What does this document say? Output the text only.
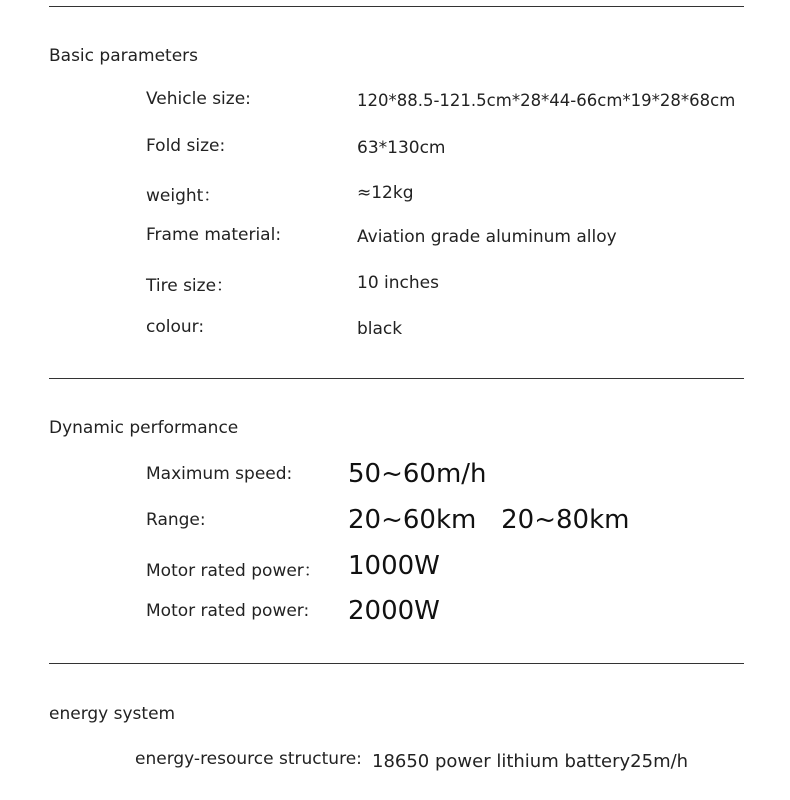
Basic parameters
Vehicle size:	120*88.5-121.5cm*28*44-66cm*19*28*68cm
Fold size:	63*130cm
weight：	≈12kg
Frame material:	Aviation grade aluminum alloy
Tire size：	10 inches
colour:	black
Dynamic performance
Maximum speed: 50~60m/h
Range:	20~60km   20~80km
Motor rated power： 1000W
Motor rated power: 2000W
energy system
energy-resource structure: 18650 power lithium battery25m/h
